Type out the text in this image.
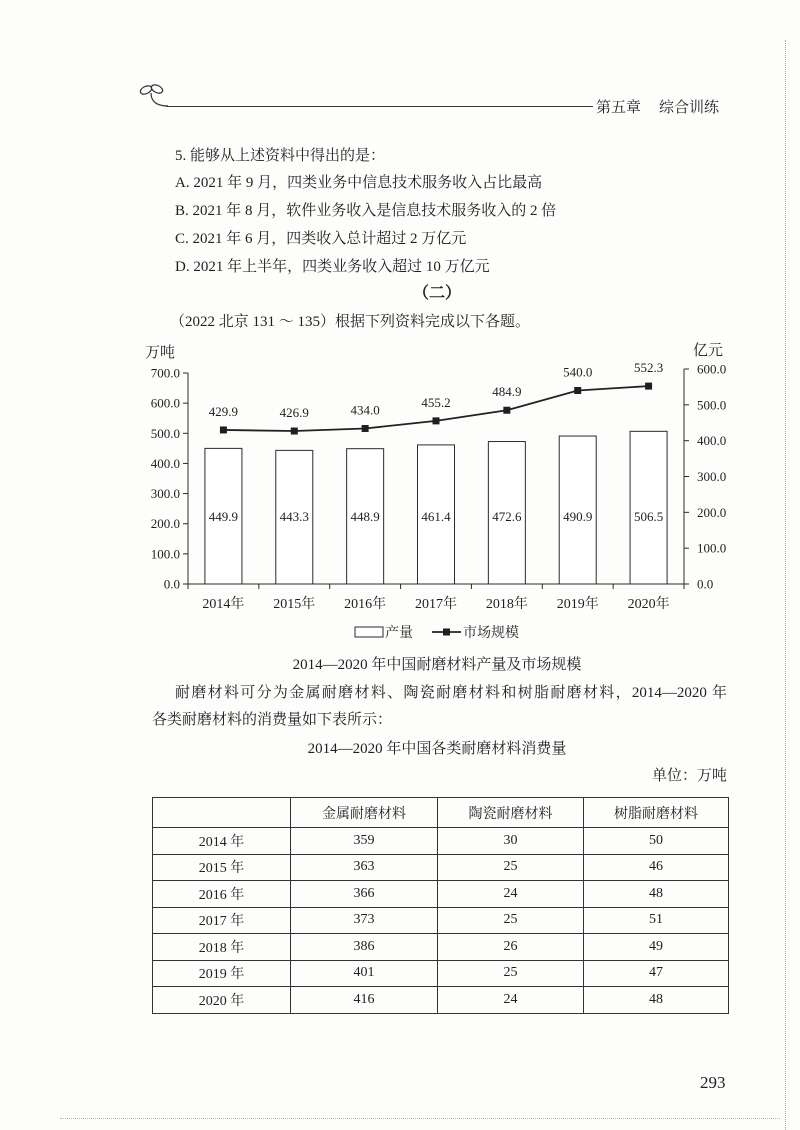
第五章 综合训练
5. 能够从上述资料中得出的是：
A. 2021 年 9 月，四类业务中信息技术服务收入占比最高
B. 2021 年 8 月，软件业务收入是信息技术服务收入的 2 倍
C. 2021 年 6 月，四类收入总计超过 2 万亿元
D. 2021 年上半年，四类业务收入超过 10 万亿元
（二）
（2022 北京 131 ～ 135）根据下列资料完成以下各题。
万吨	亿元
0.0
100.0
200.0
300.0
400.0
500.0
600.0
700.0
0.0
100.0
200.0
300.0
400.0
500.0
600.0
2014年 2015年 2016年 2017年 2018年 2019年 2020年
449.9	443.3	448.9	461.4	472.6	490.9	506.5
429.9	426.9	434.0
455.2
484.9
540.0	552.3
产量	市场规模
2014—2020 年中国耐磨材料产量及市场规模
耐磨材料可分为金属耐磨材料、陶瓷耐磨材料和树脂耐磨材料，2014—2020 年
各类耐磨材料的消费量如下表所示：
2014—2020 年中国各类耐磨材料消费量
单位：万吨
	金属耐磨材料	陶瓷耐磨材料	树脂耐磨材料
2014 年	359	30	50
2015 年	363	25	46
2016 年	366	24	48
2017 年	373	25	51
2018 年	386	26	49
2019 年	401	25	47
2020 年	416	24	48
293
